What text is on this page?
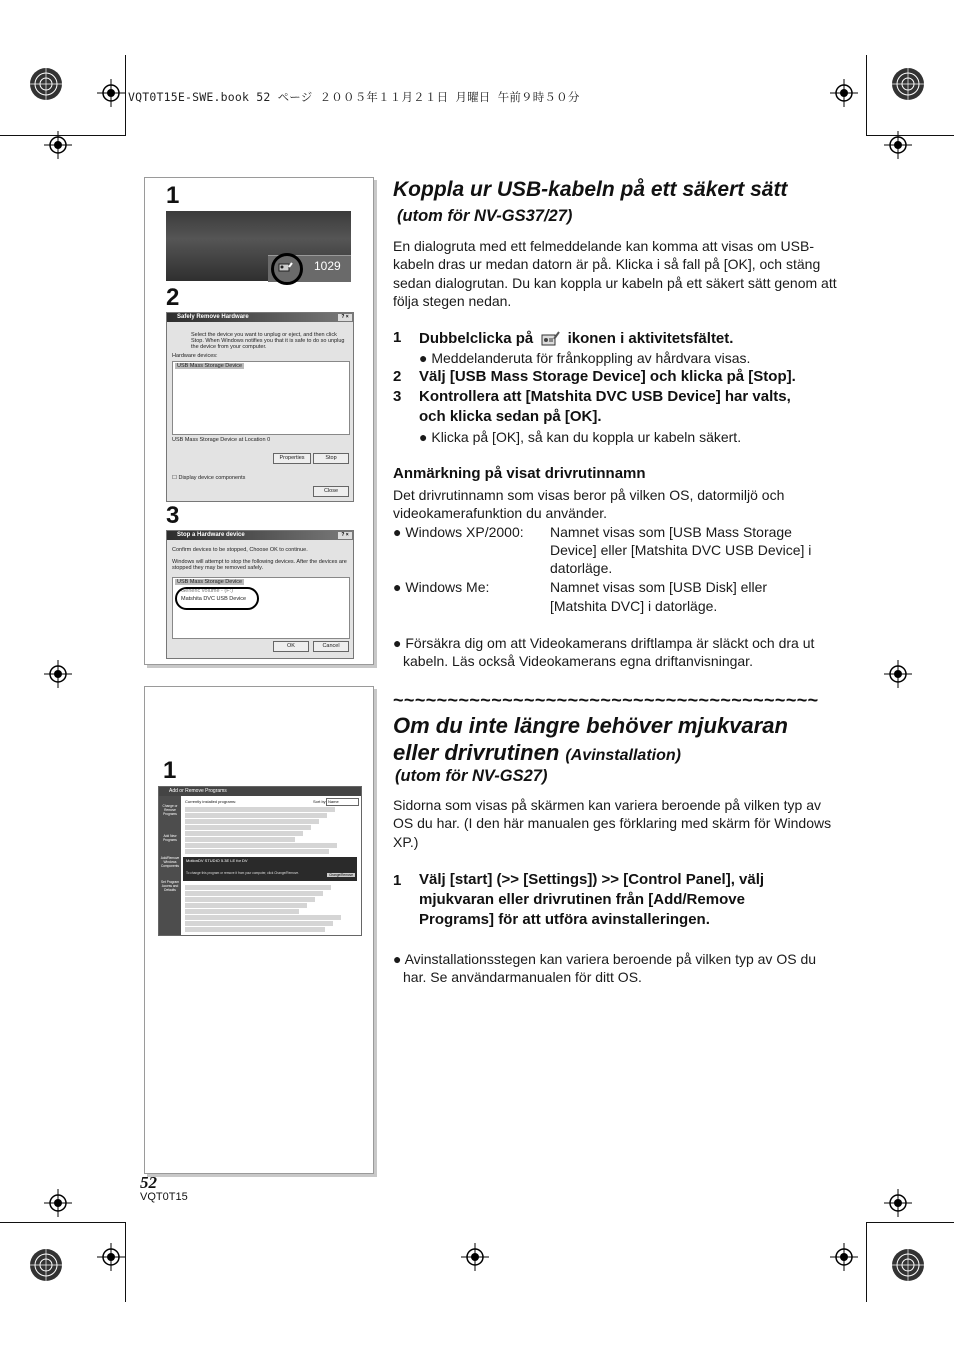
VQT0T15E-SWE.book 52 ページ ２００５年１１月２１日 月曜日 午前９時５０分
1
1029
2
Safely Remove Hardware	? ×
Select the device you want to unplug or eject, and then click Stop. When Windows notifies you that it is safe to do so unplug the device from your computer.
Hardware devices:
USB Mass Storage Device
USB Mass Storage Device at Location 0
Properties	Stop
☐ Display device components
Close
3
Stop a Hardware device	? ×
Confirm devices to be stopped, Choose OK to continue.
Windows will attempt to stop the following devices. After the devices are stopped they may be removed safely.
USB Mass Storage Device
Generic volume - (F:)
Matshita DVC USB Device
OK	Cancel
1
Add or Remove Programs
Change or Remove Programs
Add New Programs
Add/Remove Windows Components
Set Program Access and Defaults
Currently installed programs:	Sort by: Name
MotionDV STUDIO 5.3E LE for DV
To change this program or remove it from your computer, click Change/Remove.	Change/Remove
Koppla ur USB-kabeln på ett säkert sätt
(utom för NV-GS37/27)
En dialogruta med ett felmeddelande kan komma att visas om USB-kabeln dras ur medan datorn är på. Klicka i så fall på [OK], och stäng sedan dialogrutan. Du kan koppla ur kabeln på ett säkert sätt genom att följa stegen nedan.
1 Dubbelclicka på ikonen i aktivitetsfältet.
● Meddelanderuta för frånkoppling av hårdvara visas.
2 Välj [USB Mass Storage Device] och klicka på [Stop].
3 Kontrollera att [Matshita DVC USB Device] har valts,
och klicka sedan på [OK].
● Klicka på [OK], så kan du koppla ur kabeln säkert.
Anmärkning på visat drivrutinnamn
Det drivrutinnamn som visas beror på vilken OS, datormiljö och videokamerafunktion du använder.
● Windows XP/2000: Namnet visas som [USB Mass Storage
Device] eller [Matshita DVC USB Device] i
datorläge.
● Windows Me:	Namnet visas som [USB Disk] eller
[Matshita DVC] i datorläge.
● Försäkra dig om att Videokamerans driftlampa är släckt och dra ut
kabeln. Läs också Videokamerans egna driftanvisningar.
~~~~~~~~~~~~~~~~~~~~~~~~~~~~~~~~~~~~~~~
Om du inte längre behöver mjukvaran
eller drivrutinen (Avinstallation)
(utom för NV-GS27)
Sidorna som visas på skärmen kan variera beroende på vilken typ av OS du har. (I den här manualen ges förklaring med skärm för Windows XP.)
1 Välj [start] (>> [Settings]) >> [Control Panel], välj
mjukvaran eller drivrutinen från [Add/Remove
Programs] för att utföra avinstalleringen.
● Avinstallationsstegen kan variera beroende på vilken typ av OS du
har. Se användarmanualen för ditt OS.
52
VQT0T15
